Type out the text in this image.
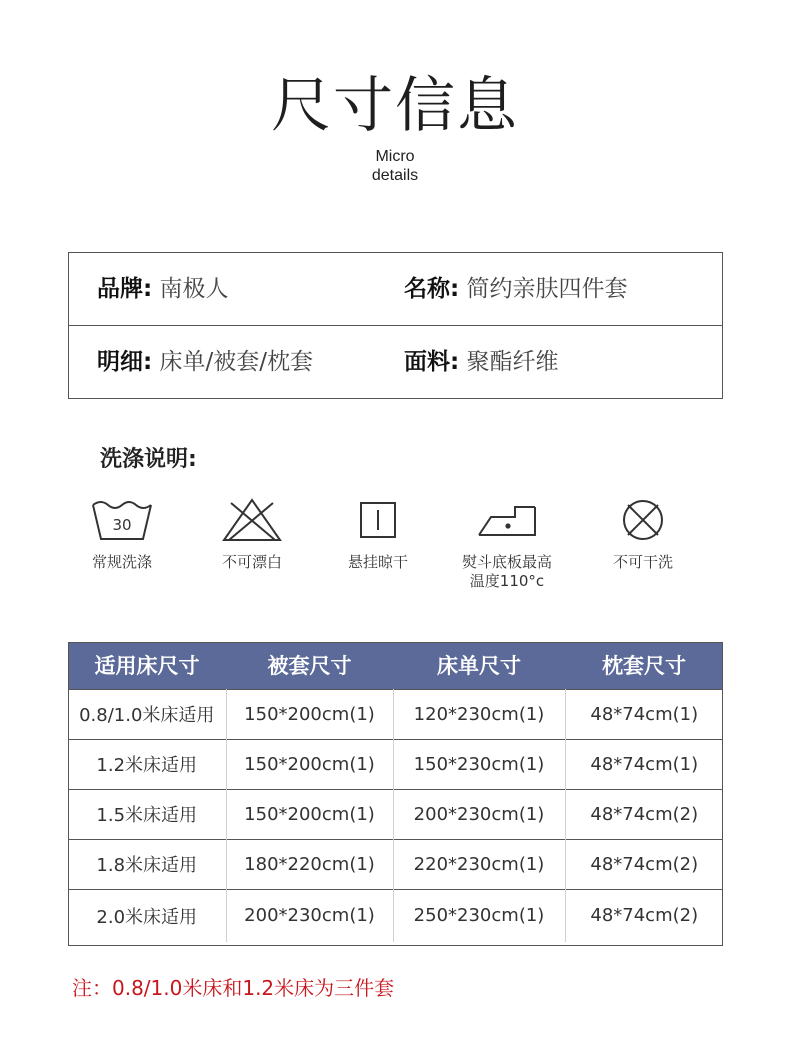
尺寸信息
Micro
details
品牌: 南极人	名称: 简约亲肤四件套
明细: 床单/被套/枕套	面料: 聚酯纤维
洗涤说明:
30
常规洗涤	不可漂白	悬挂晾干	熨斗底板最高
温度110°c
不可干洗
适用床尺寸	被套尺寸	床单尺寸	枕套尺寸
0.8/1.0米床适用	150*200cm(1)	120*230cm(1)	48*74cm(1)
1.2米床适用	150*200cm(1)	150*230cm(1)	48*74cm(1)
1.5米床适用	150*200cm(1)	200*230cm(1)	48*74cm(2)
1.8米床适用	180*220cm(1)	220*230cm(1)	48*74cm(2)
2.0米床适用	200*230cm(1)	250*230cm(1)	48*74cm(2)
注：0.8/1.0米床和1.2米床为三件套
